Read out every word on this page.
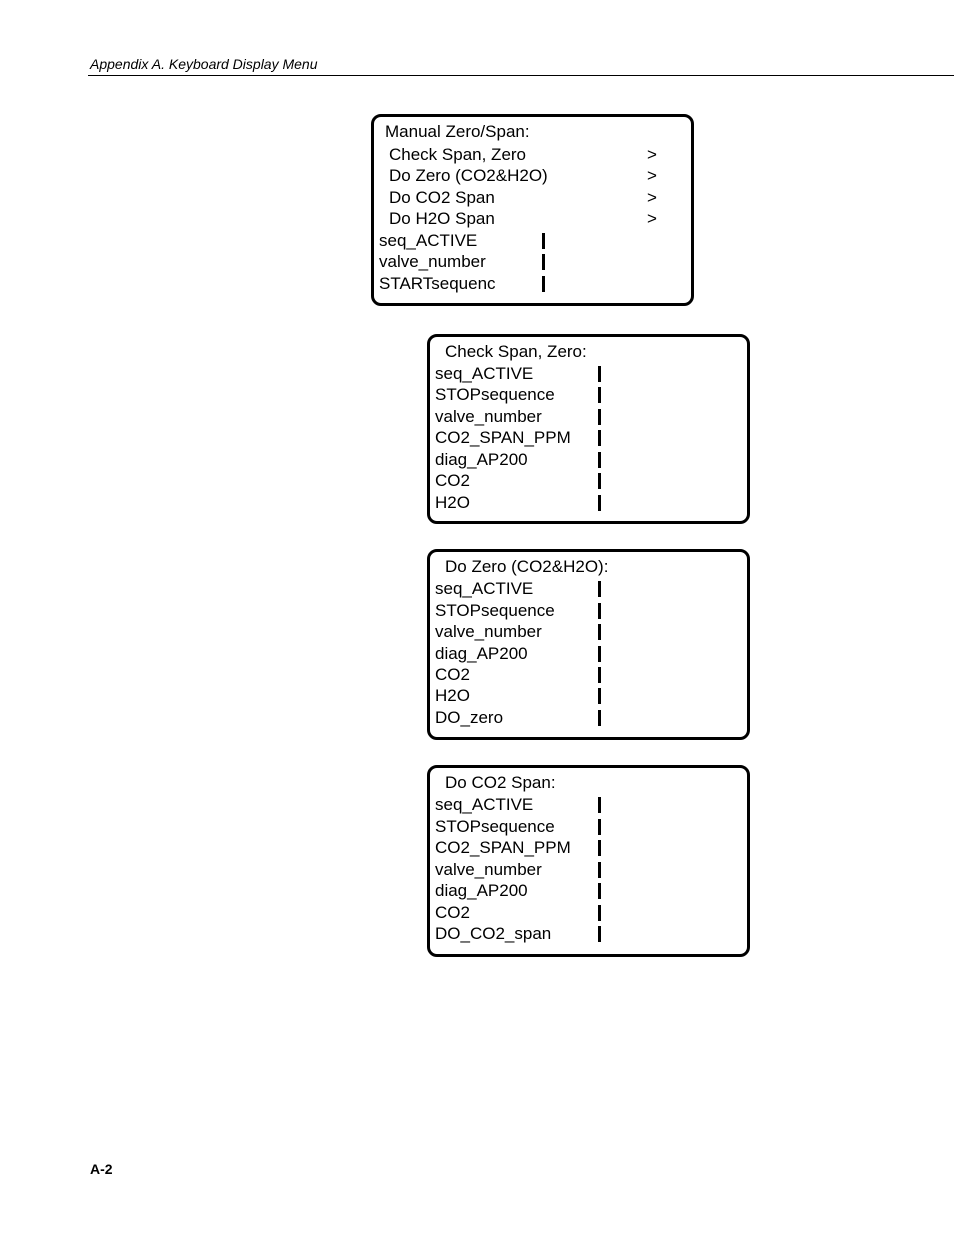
Appendix A. Keyboard Display Menu
Manual Zero/Span:
Check Span, Zero	>
Do Zero (CO2&H2O)	>
Do CO2 Span	>
Do H2O Span	>
seq_ACTIVE
valve_number
STARTsequenc
Check Span, Zero:
seq_ACTIVE
STOPsequence
valve_number
CO2_SPAN_PPM
diag_AP200
CO2
H2O
Do Zero (CO2&H2O):
seq_ACTIVE
STOPsequence
valve_number
diag_AP200
CO2
H2O
DO_zero
Do CO2 Span:
seq_ACTIVE
STOPsequence
CO2_SPAN_PPM
valve_number
diag_AP200
CO2
DO_CO2_span
A-2
